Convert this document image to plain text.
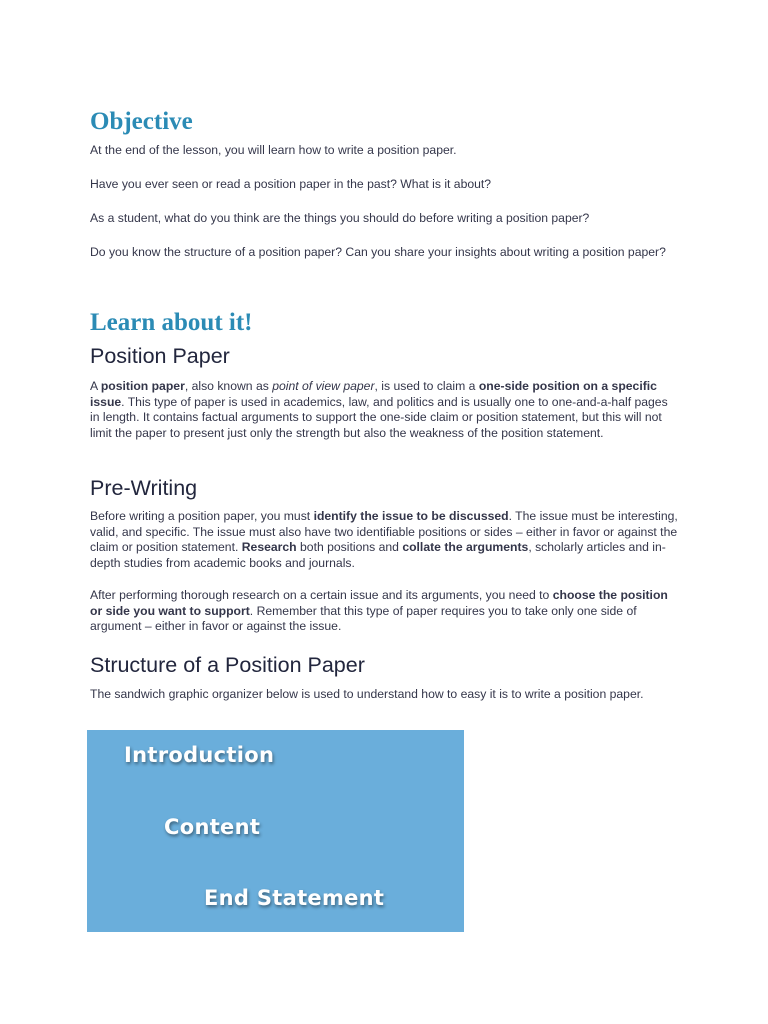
Objective

At the end of the lesson, you will learn how to write a position paper.

Have you ever seen or read a position paper in the past? What is it about?

As a student, what do you think are the things you should do before writing a position paper?

Do you know the structure of a position paper? Can you share your insights about writing a position paper?

Learn about it!
Position Paper

A position paper, also known as point of view paper, is used to claim a one-side position on a specific issue. This type of paper is used in academics, law, and politics and is usually one to one-and-a-half pages in length. It contains factual arguments to support the one-side claim or position statement, but this will not limit the paper to present just only the strength but also the weakness of the position statement.

Pre-Writing

Before writing a position paper, you must identify the issue to be discussed. The issue must be interesting, valid, and specific. The issue must also have two identifiable positions or sides – either in favor or against the claim or position statement. Research both positions and collate the arguments, scholarly articles and in-depth studies from academic books and journals.

After performing thorough research on a certain issue and its arguments, you need to choose the position or side you want to support. Remember that this type of paper requires you to take only one side of argument – either in favor or against the issue.

Structure of a Position Paper

The sandwich graphic organizer below is used to understand how to easy it is to write a position paper.

Introduction
Content
End Statement
